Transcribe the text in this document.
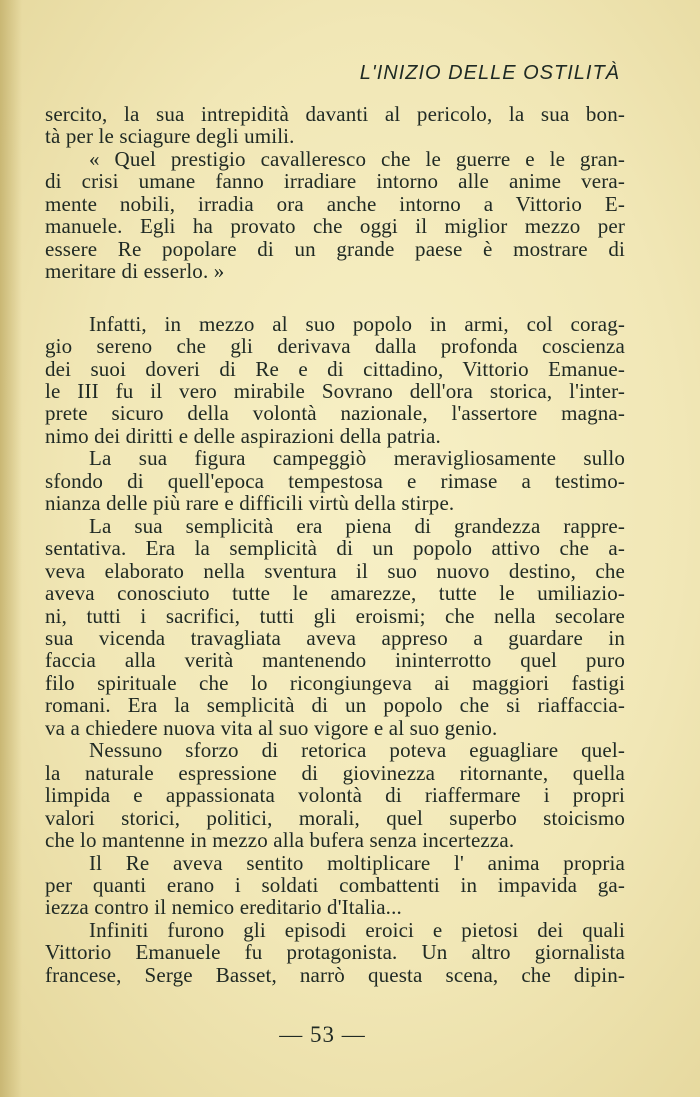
L'INIZIO DELLE OSTILITÀ
sercito, la sua intrepidità davanti al pericolo, la sua bon-
tà per le sciagure degli umili.
« Quel prestigio cavalleresco che le guerre e le gran-
di crisi umane fanno irradiare intorno alle anime vera-
mente nobili, irradia ora anche intorno a Vittorio E-
manuele. Egli ha provato che oggi il miglior mezzo per
essere Re popolare di un grande paese è mostrare di
meritare di esserlo. »

Infatti, in mezzo al suo popolo in armi, col corag-
gio sereno che gli derivava dalla profonda coscienza
dei suoi doveri di Re e di cittadino, Vittorio Emanue-
le III fu il vero mirabile Sovrano dell'ora storica, l'inter-
prete sicuro della volontà nazionale, l'assertore magna-
nimo dei diritti e delle aspirazioni della patria.

La sua figura campeggiò meravigliosamente sullo
sfondo di quell'epoca tempestosa e rimase a testimo-
nianza delle più rare e difficili virtù della stirpe.

La sua semplicità era piena di grandezza rappre-
sentativa. Era la semplicità di un popolo attivo che a-
veva elaborato nella sventura il suo nuovo destino, che
aveva conosciuto tutte le amarezze, tutte le umiliazio-
ni, tutti i sacrifici, tutti gli eroismi; che nella secolare
sua vicenda travagliata aveva appreso a guardare in
faccia alla verità mantenendo ininterrotto quel puro
filo spirituale che lo ricongiungeva ai maggiori fastigi
romani. Era la semplicità di un popolo che si riaffaccia-
va a chiedere nuova vita al suo vigore e al suo genio.

Nessuno sforzo di retorica poteva eguagliare quel-
la naturale espressione di giovinezza ritornante, quella
limpida e appassionata volontà di riaffermare i propri
valori storici, politici, morali, quel superbo stoicismo
che lo mantenne in mezzo alla bufera senza incertezza.

Il Re aveva sentito moltiplicare l' anima propria
per quanti erano i soldati combattenti in impavida ga-
iezza contro il nemico ereditario d'Italia...

Infiniti furono gli episodi eroici e pietosi dei quali
Vittorio Emanuele fu protagonista. Un altro giornalista
francese, Serge Basset, narrò questa scena, che dipin-

— 53 —
